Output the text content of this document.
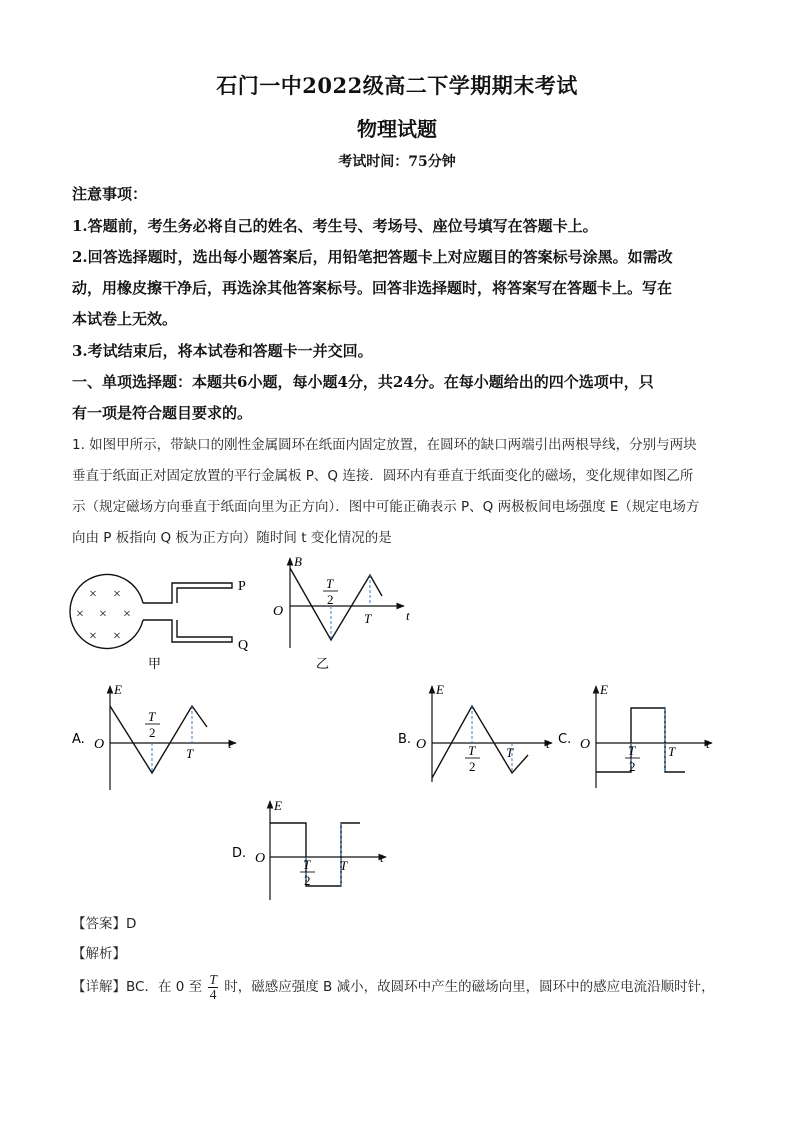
石门一中2022级高二下学期期末考试
物理试题
考试时间：75分钟
注意事项：
1.答题前，考生务必将自己的姓名、考生号、考场号、座位号填写在答题卡上。
2.回答选择题时，选出每小题答案后，用铅笔把答题卡上对应题目的答案标号涂黑。如需改
动，用橡皮擦干净后，再选涂其他答案标号。回答非选择题时，将答案写在答题卡上。写在
本试卷上无效。
3.考试结束后，将本试卷和答题卡一并交回。
一、单项选择题：本题共6小题，每小题4分，共24分。在每小题给出的四个选项中，只
有一项是符合题目要求的。
1. 如图甲所示，带缺口的刚性金属圆环在纸面内固定放置，在圆环的缺口两端引出两根导线，分别与两块
垂直于纸面正对固定放置的平行金属板 P、Q 连接．圆环内有垂直于纸面变化的磁场，变化规律如图乙所
示（规定磁场方向垂直于纸面向里为正方向）．图中可能正确表示 P、Q 两极板间电场强度 E（规定电场方
向由 P 板指向 Q 板为正方向）随时间 t 变化情况的是
× ×
× × ×
× ×
P
Q
甲
B
O	t
T
2
T
乙
A.
E
O	t
T
2
T
B.
E
O	t
T
2
T
C.
E
O	t
T
2
T
D.
E
O	t
T
2
T
【答案】D
【解析】
【详解】BC．在 0 至 $\frac{T}{4}$ 时，磁感应强度 B 减小，故圆环中产生的磁场向里，圆环中的感应电流沿顺时针，
